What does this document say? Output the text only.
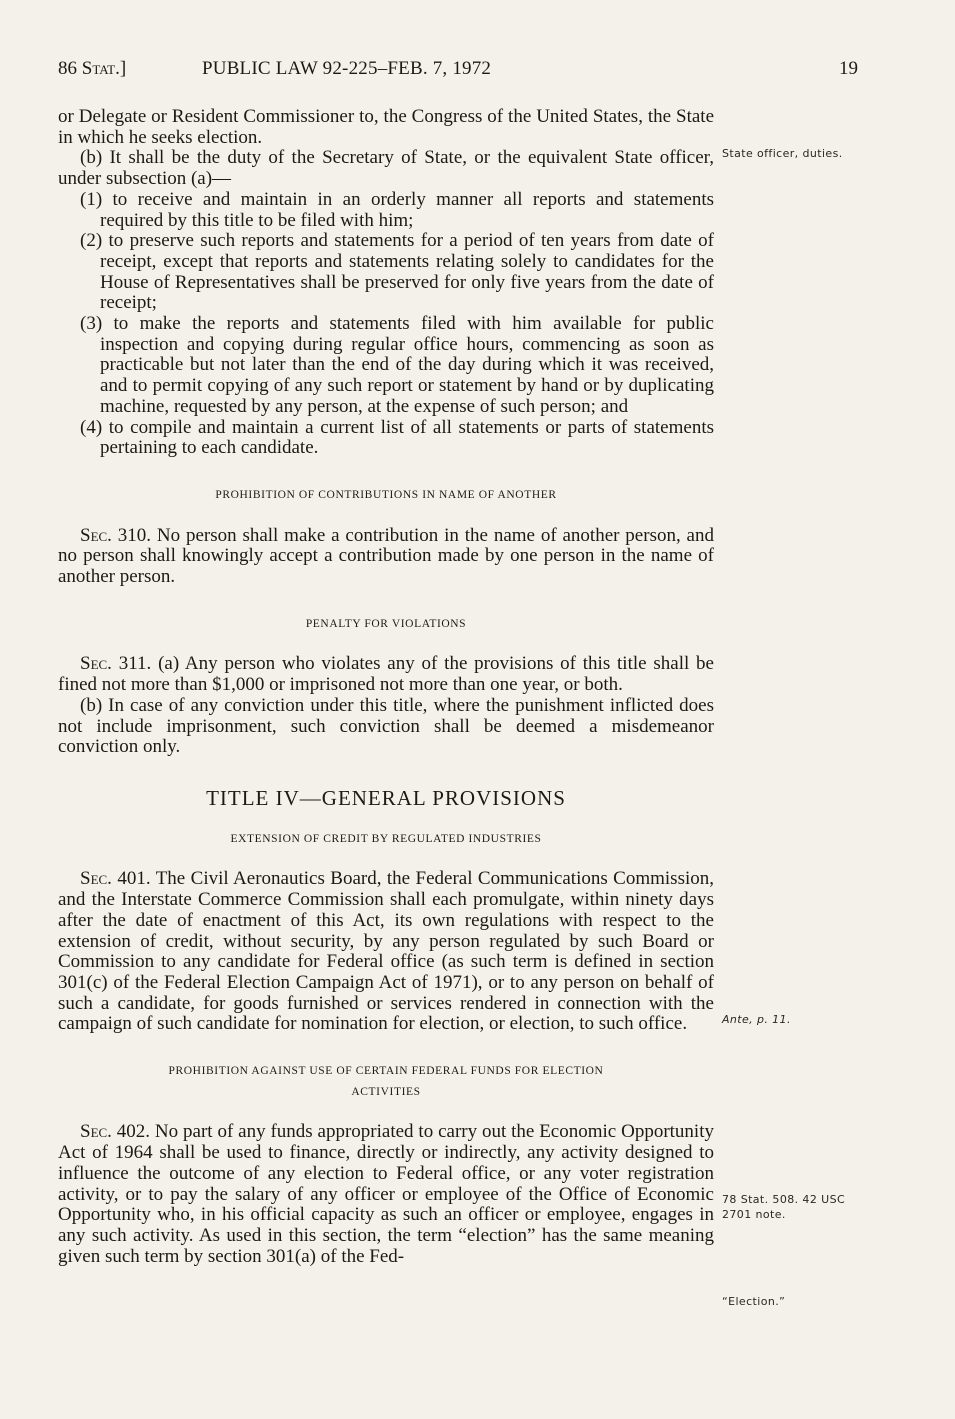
86 Stat.]	PUBLIC LAW 92-225–FEB. 7, 1972	19

or Delegate or Resident Commissioner to, the Congress of the United States, the State in which he seeks election.

(b) It shall be the duty of the Secretary of State, or the equivalent State officer, under subsection (a)—

(1) to receive and maintain in an orderly manner all reports and statements required by this title to be filed with him;

(2) to preserve such reports and statements for a period of ten years from date of receipt, except that reports and statements relating solely to candidates for the House of Representatives shall be preserved for only five years from the date of receipt;

(3) to make the reports and statements filed with him available for public inspection and copying during regular office hours, commencing as soon as practicable but not later than the end of the day during which it was received, and to permit copying of any such report or statement by hand or by duplicating machine, requested by any person, at the expense of such person; and

(4) to compile and maintain a current list of all statements or parts of statements pertaining to each candidate.

PROHIBITION OF CONTRIBUTIONS IN NAME OF ANOTHER

Sec. 310. No person shall make a contribution in the name of another person, and no person shall knowingly accept a contribution made by one person in the name of another person.

PENALTY FOR VIOLATIONS

Sec. 311. (a) Any person who violates any of the provisions of this title shall be fined not more than $1,000 or imprisoned not more than one year, or both.

(b) In case of any conviction under this title, where the punishment inflicted does not include imprisonment, such conviction shall be deemed a misdemeanor conviction only.

TITLE IV—GENERAL PROVISIONS

EXTENSION OF CREDIT BY REGULATED INDUSTRIES

Sec. 401. The Civil Aeronautics Board, the Federal Communications Commission, and the Interstate Commerce Commission shall each promulgate, within ninety days after the date of enactment of this Act, its own regulations with respect to the extension of credit, without security, by any person regulated by such Board or Commission to any candidate for Federal office (as such term is defined in section 301(c) of the Federal Election Campaign Act of 1971), or to any person on behalf of such a candidate, for goods furnished or services rendered in connection with the campaign of such candidate for nomination for election, or election, to such office.

PROHIBITION AGAINST USE OF CERTAIN FEDERAL FUNDS FOR ELECTION

ACTIVITIES

Sec. 402. No part of any funds appropriated to carry out the Economic Opportunity Act of 1964 shall be used to finance, directly or indirectly, any activity designed to influence the outcome of any election to Federal office, or any voter registration activity, or to pay the salary of any officer or employee of the Office of Economic Opportunity who, in his official capacity as such an officer or employee, engages in any such activity. As used in this section, the term “election” has the same meaning given such term by section 301(a) of the Fed-

State officer, duties.
Ante, p. 11.
78 Stat. 508. 42 USC 2701 note.
“Election.”
